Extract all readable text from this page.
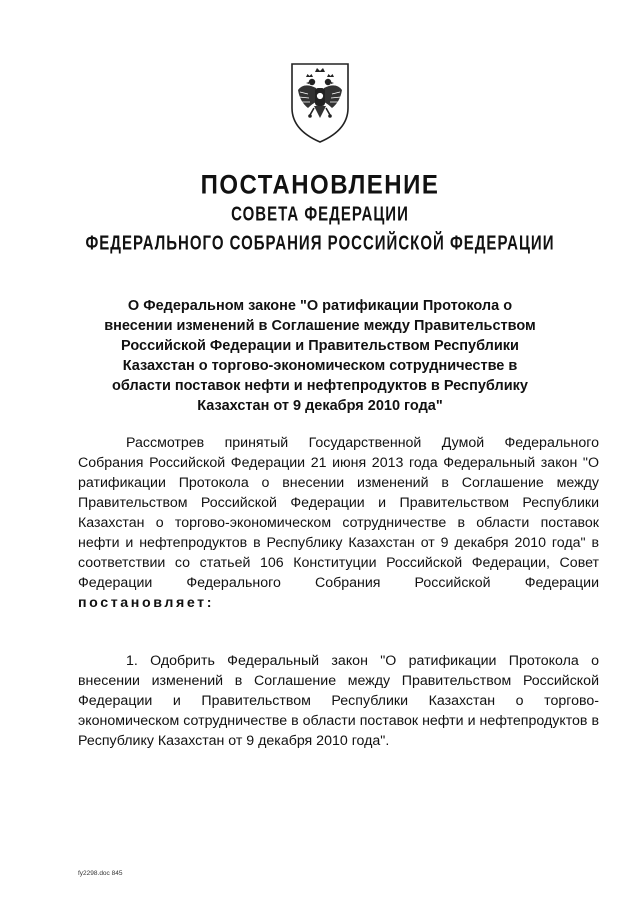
ПОСТАНОВЛЕНИЕ
СОВЕТА ФЕДЕРАЦИИ
ФЕДЕРАЛЬНОГО СОБРАНИЯ РОССИЙСКОЙ ФЕДЕРАЦИИ
О Федеральном законе "О ратификации Протокола о внесении изменений в Соглашение между Правительством Российской Федерации и Правительством Республики Казахстан о торгово-экономическом сотрудничестве в области поставок нефти и нефтепродуктов в Республику Казахстан от 9 декабря 2010 года"
Рассмотрев принятый Государственной Думой Федерального Собрания Российской Федерации 21 июня 2013 года Федеральный закон "О ратификации Протокола о внесении изменений в Соглашение между Правительством Российской Федерации и Правительством Республики Казахстан о торгово-экономическом сотрудничестве в области поставок нефти и нефтепродуктов в Республику Казахстан от 9 декабря 2010 года" в соответствии со статьей 106 Конституции Российской Федерации, Совет Федерации Федерального Собрания Российской Федерации постановляет:
1. Одобрить Федеральный закон "О ратификации Протокола о внесении изменений в Соглашение между Правительством Российской Федерации и Правительством Республики Казахстан о торгово-экономическом сотрудничестве в области поставок нефти и нефтепродуктов в Республику Казахстан от 9 декабря 2010 года".
fy2298.doc 845
